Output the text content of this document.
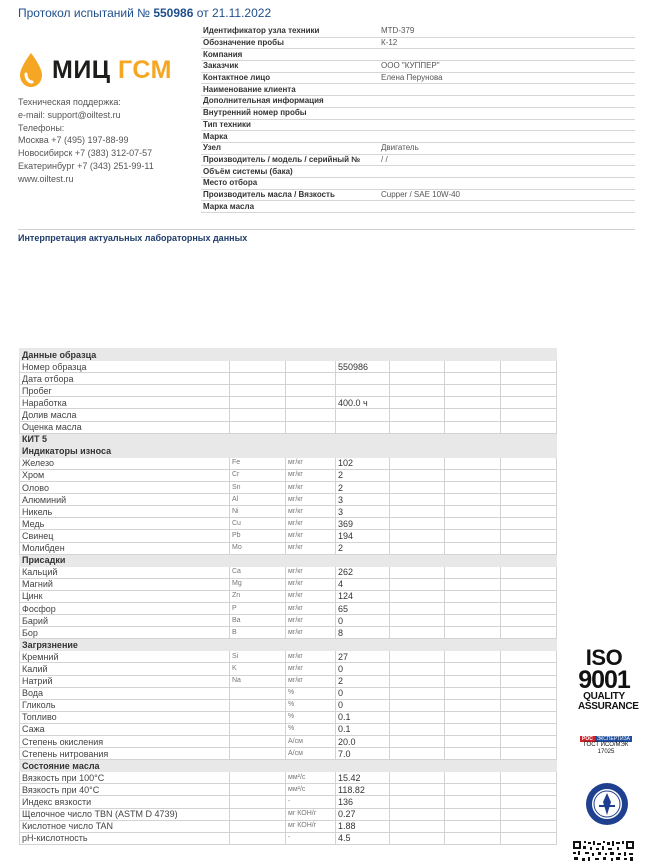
Протокол испытаний № 550986 от 21.11.2022
МИЦ ГСМ
Техническая поддержка:
e-mail: support@oiltest.ru
Телефоны:
Москва +7 (495) 197-88-99
Новосибирск +7 (383) 312-07-57
Екатеринбург +7 (343) 251-99-11
www.oiltest.ru
Идентификатор узла техники	MTD-379
Обозначение пробы	К-12
Компания	
Заказчик	ООО "КУППЕР"
Контактное лицо	Елена Перунова
Наименование клиента	
Дополнительная информация	
Внутренний номер пробы	
Тип техники	
Марка	
Узел	Двигатель
Производитель / модель / серийный №	/ /
Объём системы (бака)	
Место отбора	
Производитель масла / Вязкость	Cupper / SAE 10W-40
Марка масла	
Интерпретация актуальных лабораторных данных
Данные образца						
Номер образца			550986			
Дата отбора						
Пробег						
Наработка			400.0 ч			
Долив масла						
Оценка масла						
КИТ 5						
Индикаторы износа						
Железо	Fe	мг/кг	102			
Хром	Cr	мг/кг	2			
Олово	Sn	мг/кг	2			
Алюминий	Al	мг/кг	3			
Никель	Ni	мг/кг	3			
Медь	Cu	мг/кг	369			
Свинец	Pb	мг/кг	194			
Молибден	Mo	мг/кг	2			
Присадки						
Кальций	Ca	мг/кг	262			
Магний	Mg	мг/кг	4			
Цинк	Zn	мг/кг	124			
Фосфор	P	мг/кг	65			
Барий	Ba	мг/кг	0			
Бор	B	мг/кг	8			
Загрязнение						
Кремний	Si	мг/кг	27			
Калий	K	мг/кг	0			
Натрий	Na	мг/кг	2			
Вода		%	0			
Гликоль		%	0			
Топливо		%	0.1			
Сажа		%	0.1			
Степень окисления		А/см	20.0			
Степень нитрования		А/см	7.0			
Состояние масла						
Вязкость при 100°C		мм²/с	15.42			
Вязкость при 40°C		мм²/с	118.82			
Индекс вязкости		-	136			
Щелочное число TBN (ASTM D 4739)		мг КОН/г	0.27			
Кислотное число TAN		мг КОН/г	1.88			
pH-кислотность		-	4.5			
ISO
9001
QUALITY
ASSURANCE
РОС ЭКСПЕРТИЗА
ГОСТ ИСО/МЭК
17025
